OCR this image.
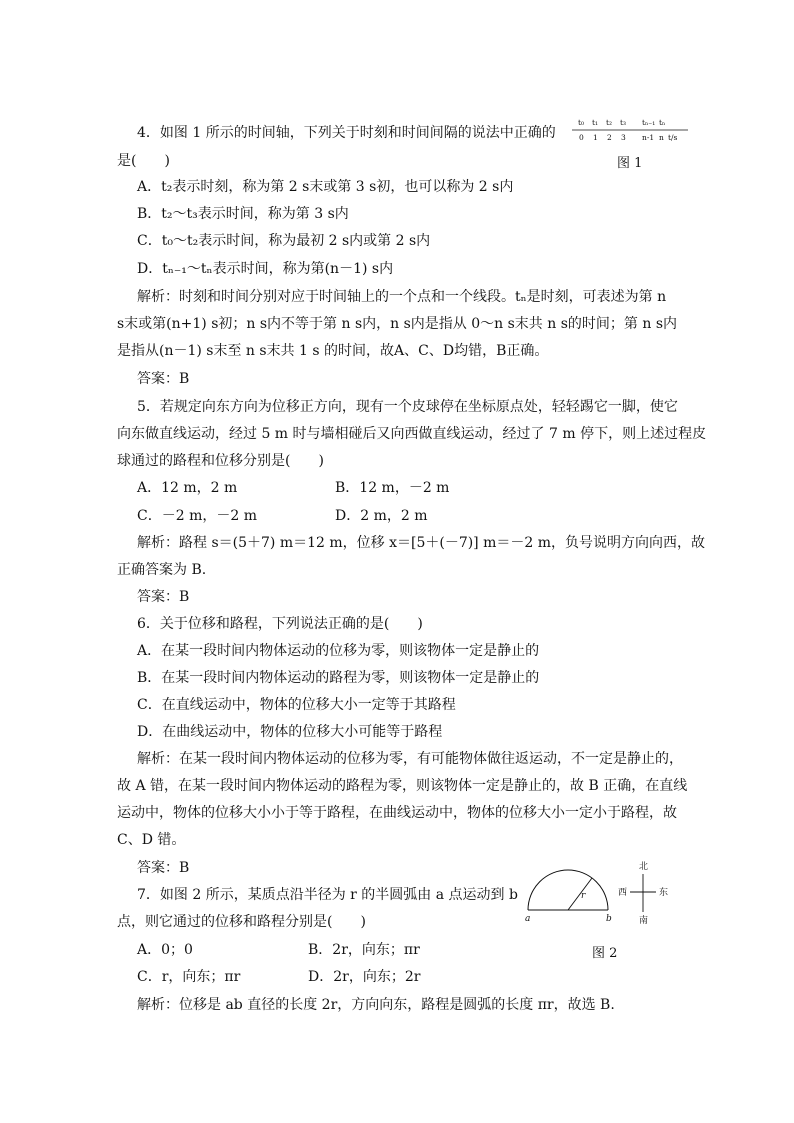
4．如图 1 所示的时间轴，下列关于时刻和时间间隔的说法中正确的
是(　　)
t₀ t₁ t₂ t₃ tₙ₋₁ tₙ
0 1 2 3 n-1 n t/s
图 1
A．t₂表示时刻，称为第 2 s末或第 3 s初，也可以称为 2 s内
B．t₂～t₃表示时间，称为第 3 s内
C．t₀～t₂表示时间，称为最初 2 s内或第 2 s内
D．tₙ₋₁～tₙ表示时间，称为第(n－1) s内
解析：时刻和时间分别对应于时间轴上的一个点和一个线段。tₙ是时刻，可表述为第 n
s末或第(n+1) s初；n s内不等于第 n s内，n s内是指从 0～n s末共 n s的时间；第 n s内
是指从(n－1) s末至 n s末共 1 s 的时间，故A、C、D均错，B正确。
答案：B
5．若规定向东方向为位移正方向，现有一个皮球停在坐标原点处，轻轻踢它一脚，使它
向东做直线运动，经过 5 m 时与墙相碰后又向西做直线运动，经过了 7 m 停下，则上述过程皮
球通过的路程和位移分别是(　　)
A．12 m，2 m	B．12 m，－2 m
C．－2 m，－2 m	D．2 m，2 m
解析：路程 s＝(5＋7) m＝12 m，位移 x＝[5＋(－7)] m＝－2 m，负号说明方向向西，故
正确答案为 B.
答案：B
6．关于位移和路程，下列说法正确的是(　　)
A．在某一段时间内物体运动的位移为零，则该物体一定是静止的
B．在某一段时间内物体运动的路程为零，则该物体一定是静止的
C．在直线运动中，物体的位移大小一定等于其路程
D．在曲线运动中，物体的位移大小可能等于路程
解析：在某一段时间内物体运动的位移为零，有可能物体做往返运动，不一定是静止的，
故 A 错，在某一段时间内物体运动的路程为零，则该物体一定是静止的，故 B 正确，在直线
运动中，物体的位移大小小于等于路程，在曲线运动中，物体的位移大小一定小于路程，故
C、D 错。
答案：B
7．如图 2 所示，某质点沿半径为 r 的半圆弧由 a 点运动到 b
点，则它通过的位移和路程分别是(　　)	a	b
r
北
南
西	东
图 2
A．0；0	B．2r，向东；πr
C．r，向东；πr	D．2r，向东；2r
解析：位移是 ab 直径的长度 2r，方向向东，路程是圆弧的长度 πr，故选 B.
